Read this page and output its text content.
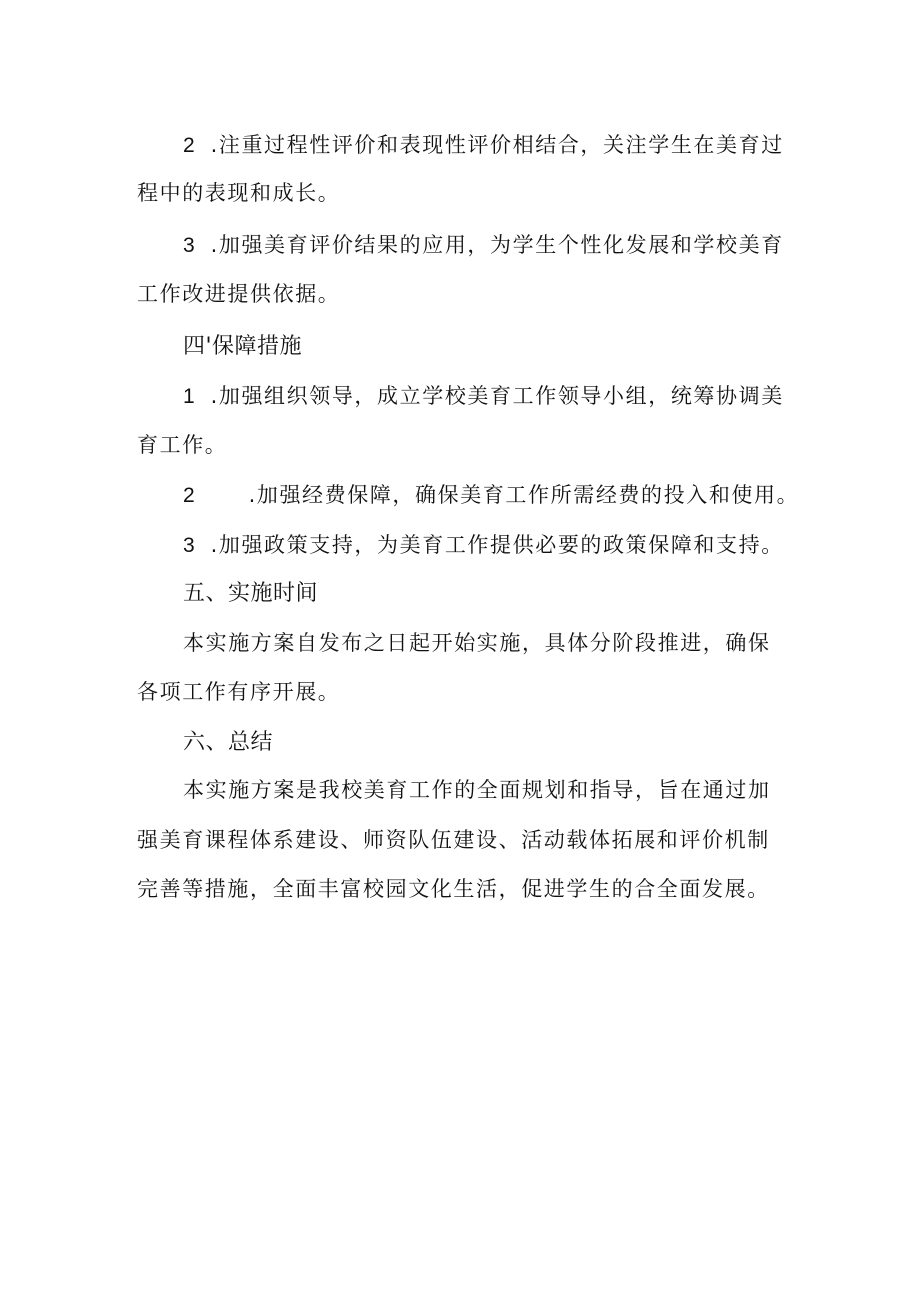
2 .注重过程性评价和表现性评价相结合，关注学生在美育过
程中的表现和成长。
3 .加强美育评价结果的应用，为学生个性化发展和学校美育
工作改进提供依据。
四'保障措施
1 .加强组织领导，成立学校美育工作领导小组，统筹协调美
育工作。
2 .加强经费保障，确保美育工作所需经费的投入和使用。
3 .加强政策支持，为美育工作提供必要的政策保障和支持。
五、实施时间
本实施方案自发布之日起开始实施，具体分阶段推进，确保
各项工作有序开展。
六、总结
本实施方案是我校美育工作的全面规划和指导，旨在通过加
强美育课程体系建设、师资队伍建设、活动载体拓展和评价机制
完善等措施，全面丰富校园文化生活，促进学生的合全面发展。
